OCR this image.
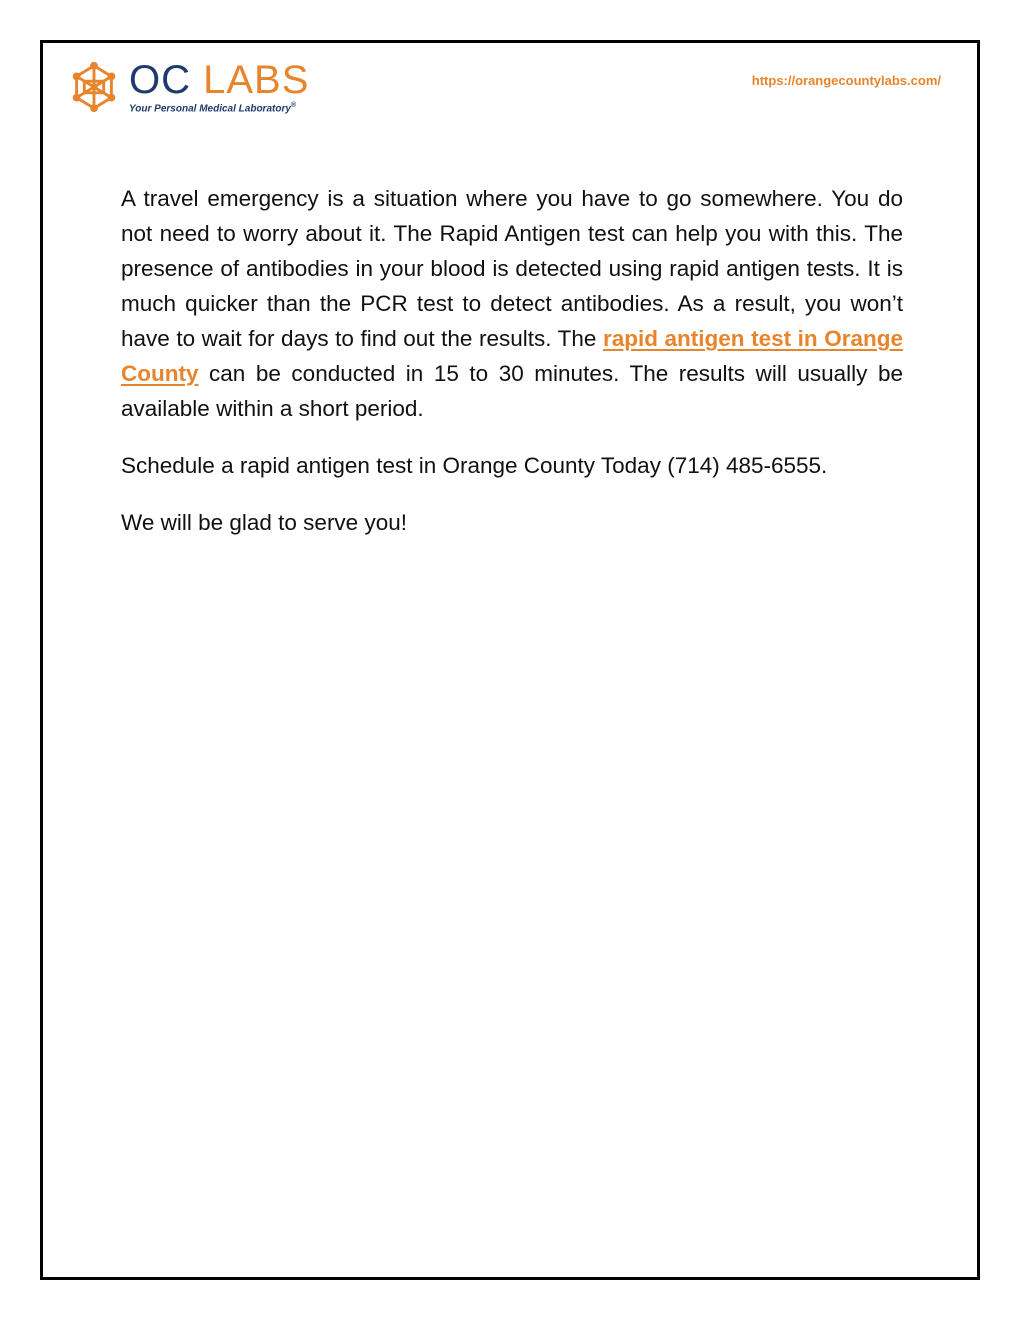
OC LABS
Your Personal Medical Laboratory®
https://orangecountylabs.com/

A travel emergency is a situation where you have to go somewhere. You do not need to worry about it. The Rapid Antigen test can help you with this. The presence of antibodies in your blood is detected using rapid antigen tests. It is much quicker than the PCR test to detect antibodies. As a result, you won’t have to wait for days to find out the results. The rapid antigen test in Orange County can be conducted in 15 to 30 minutes. The results will usually be available within a short period.

Schedule a rapid antigen test in Orange County Today (714) 485-6555.

We will be glad to serve you!
